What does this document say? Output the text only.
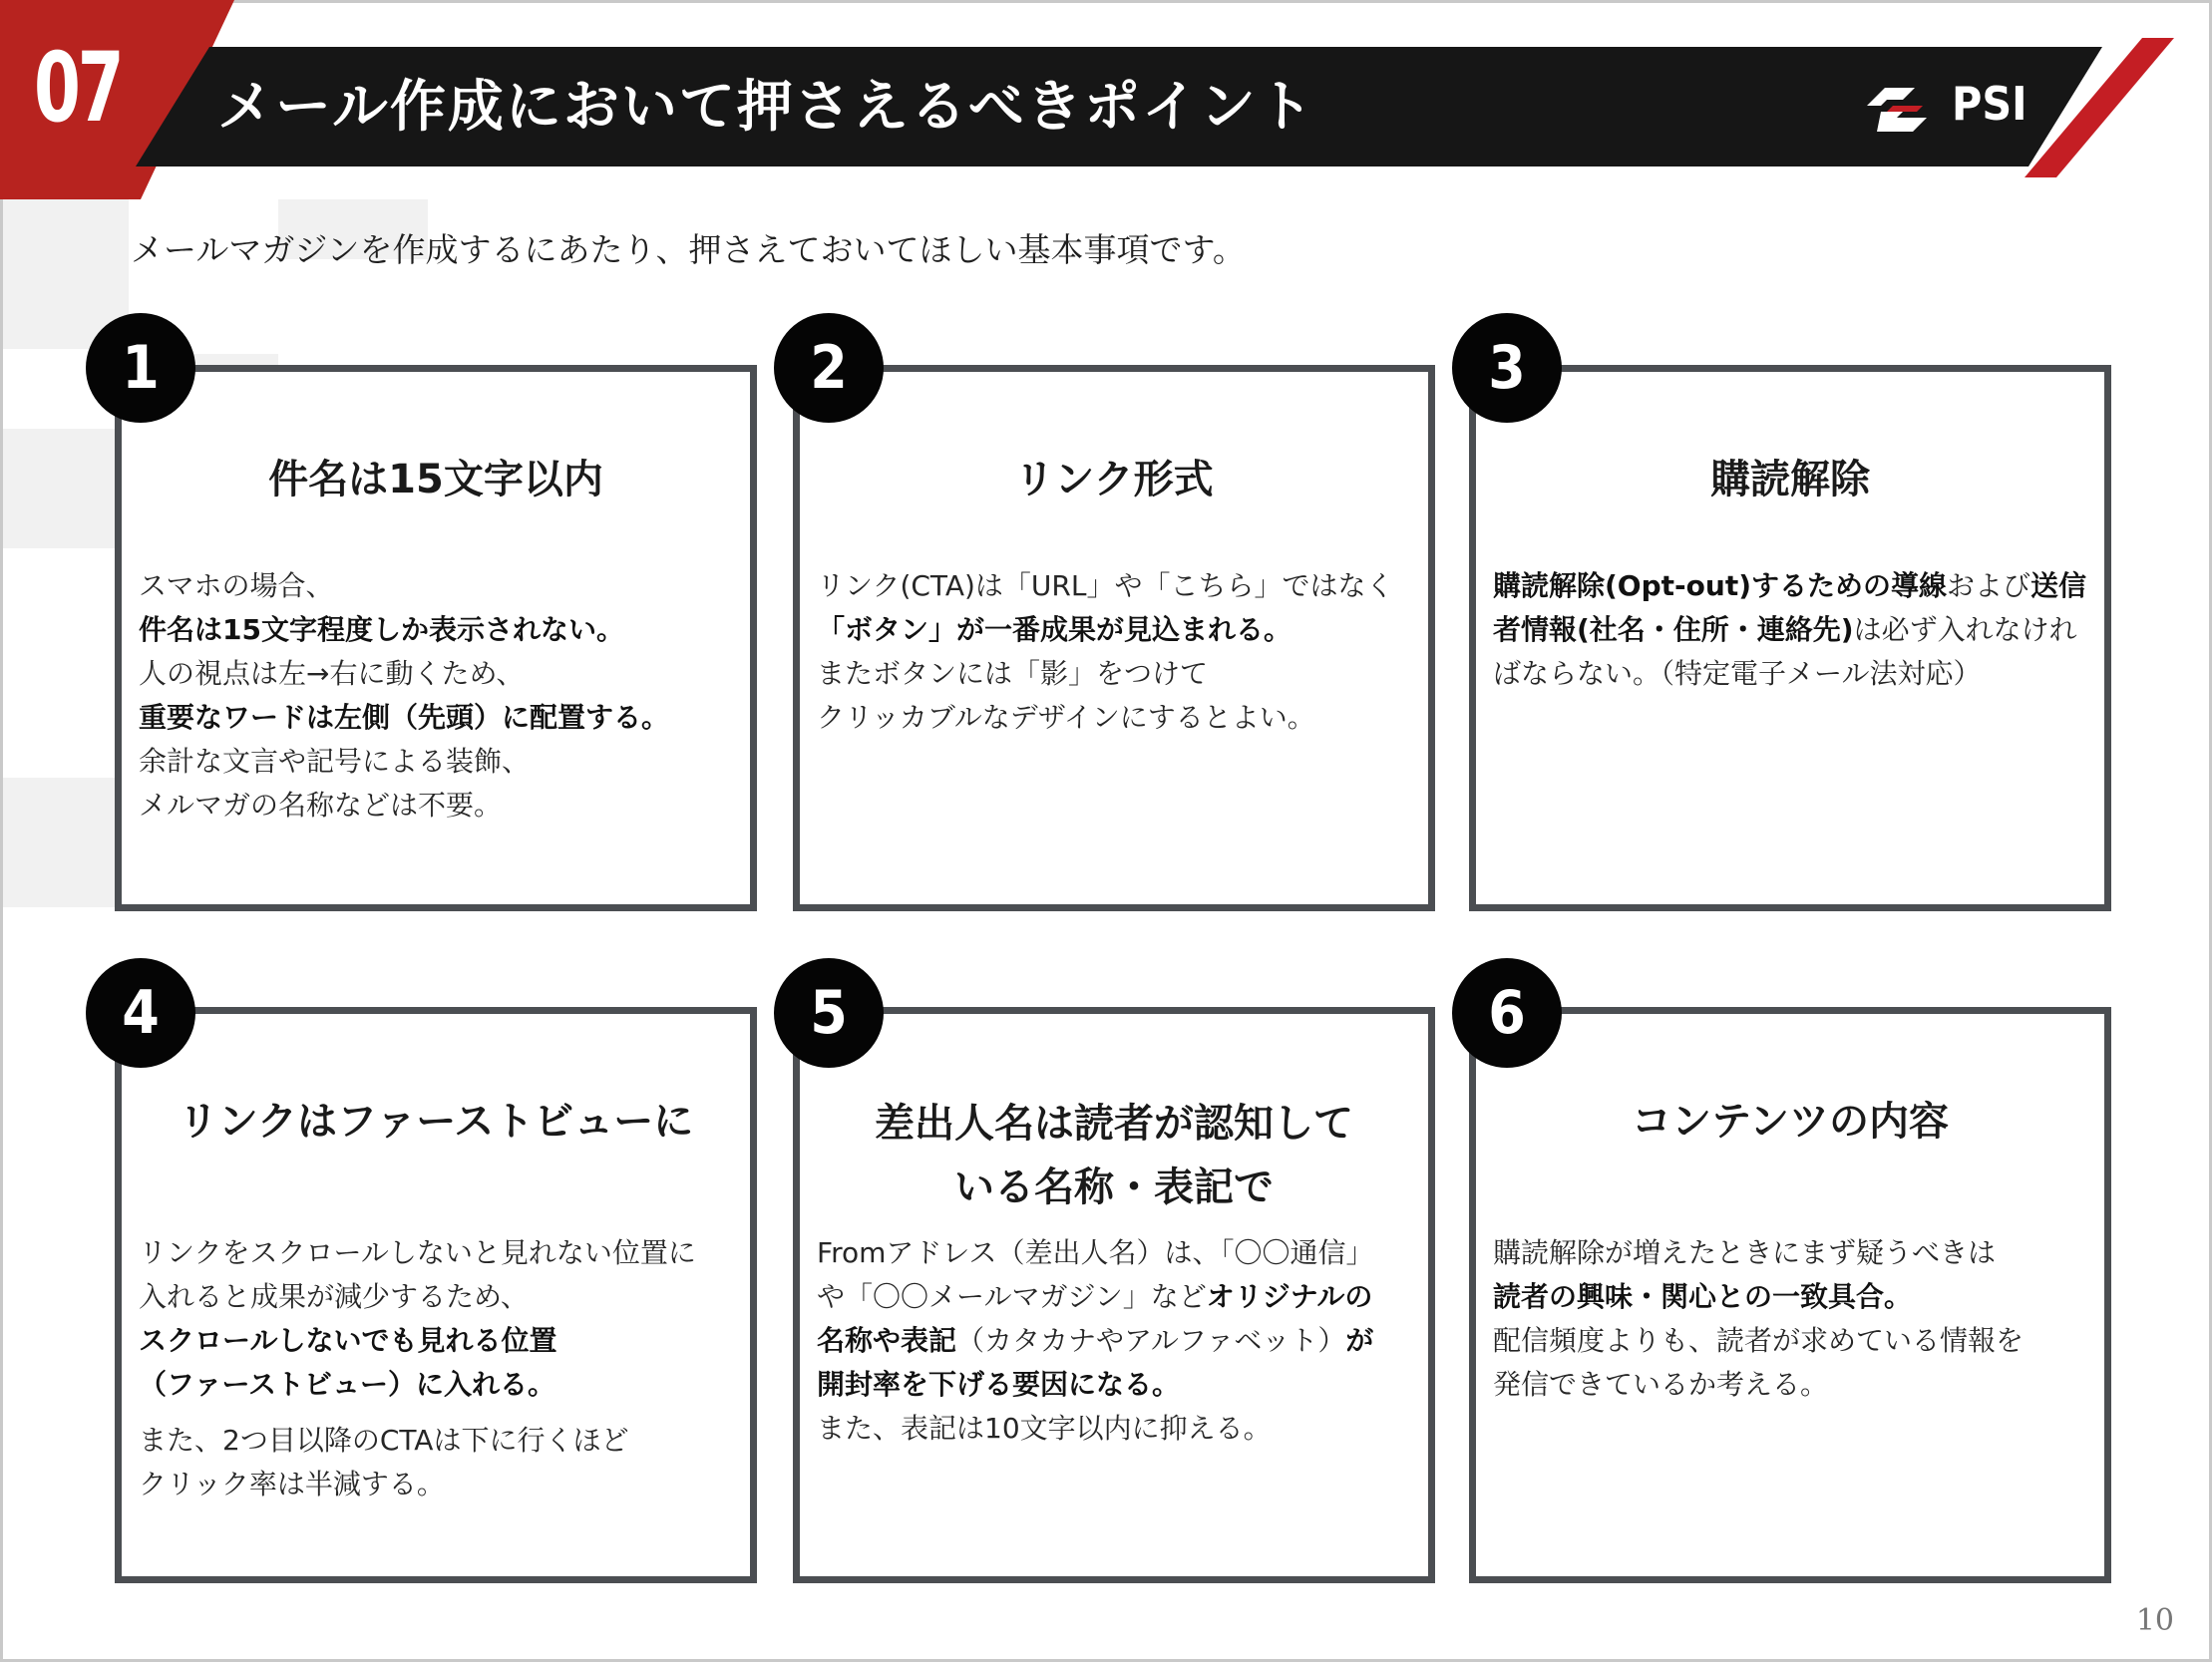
07 メール作成において押さえるべきポイント	PSI
メールマガジンを作成するにあたり、押さえておいてほしい基本事項です。
件名は15文字以内

スマホの場合、

件名は15文字程度しか表示されない。

人の視点は左→右に動くため、

重要なワードは左側（先頭）に配置する。

余計な文言や記号による装飾、

メルマガの名称などは不要。

リンク形式

リンク(CTA)は「URL」や「こちら」ではなく

「ボタン」が一番成果が見込まれる。

またボタンには「影」をつけて

クリッカブルなデザインにするとよい。

購読解除

購読解除(Opt-out)するための導線および送信

者情報(社名・住所・連絡先)は必ず入れなけれ

ばならない。（特定電子メール法対応）

リンクはファーストビューに

リンクをスクロールしないと見れない位置に

入れると成果が減少するため、

スクロールしないでも見れる位置

（ファーストビュー）に入れる。

また、2つ目以降のCTAは下に行くほど

クリック率は半減する。

差出人名は読者が認知して
いる名称・表記で

Fromアドレス（差出人名）は、「〇〇通信」

や「〇〇メールマガジン」などオリジナルの

名称や表記（カタカナやアルファベット）が

開封率を下げる要因になる。

また、表記は10文字以内に抑える。

コンテンツの内容

購読解除が増えたときにまず疑うべきは

読者の興味・関心との一致具合。

配信頻度よりも、読者が求めている情報を

発信できているか考える。

1	2	3
4	5	6
10
